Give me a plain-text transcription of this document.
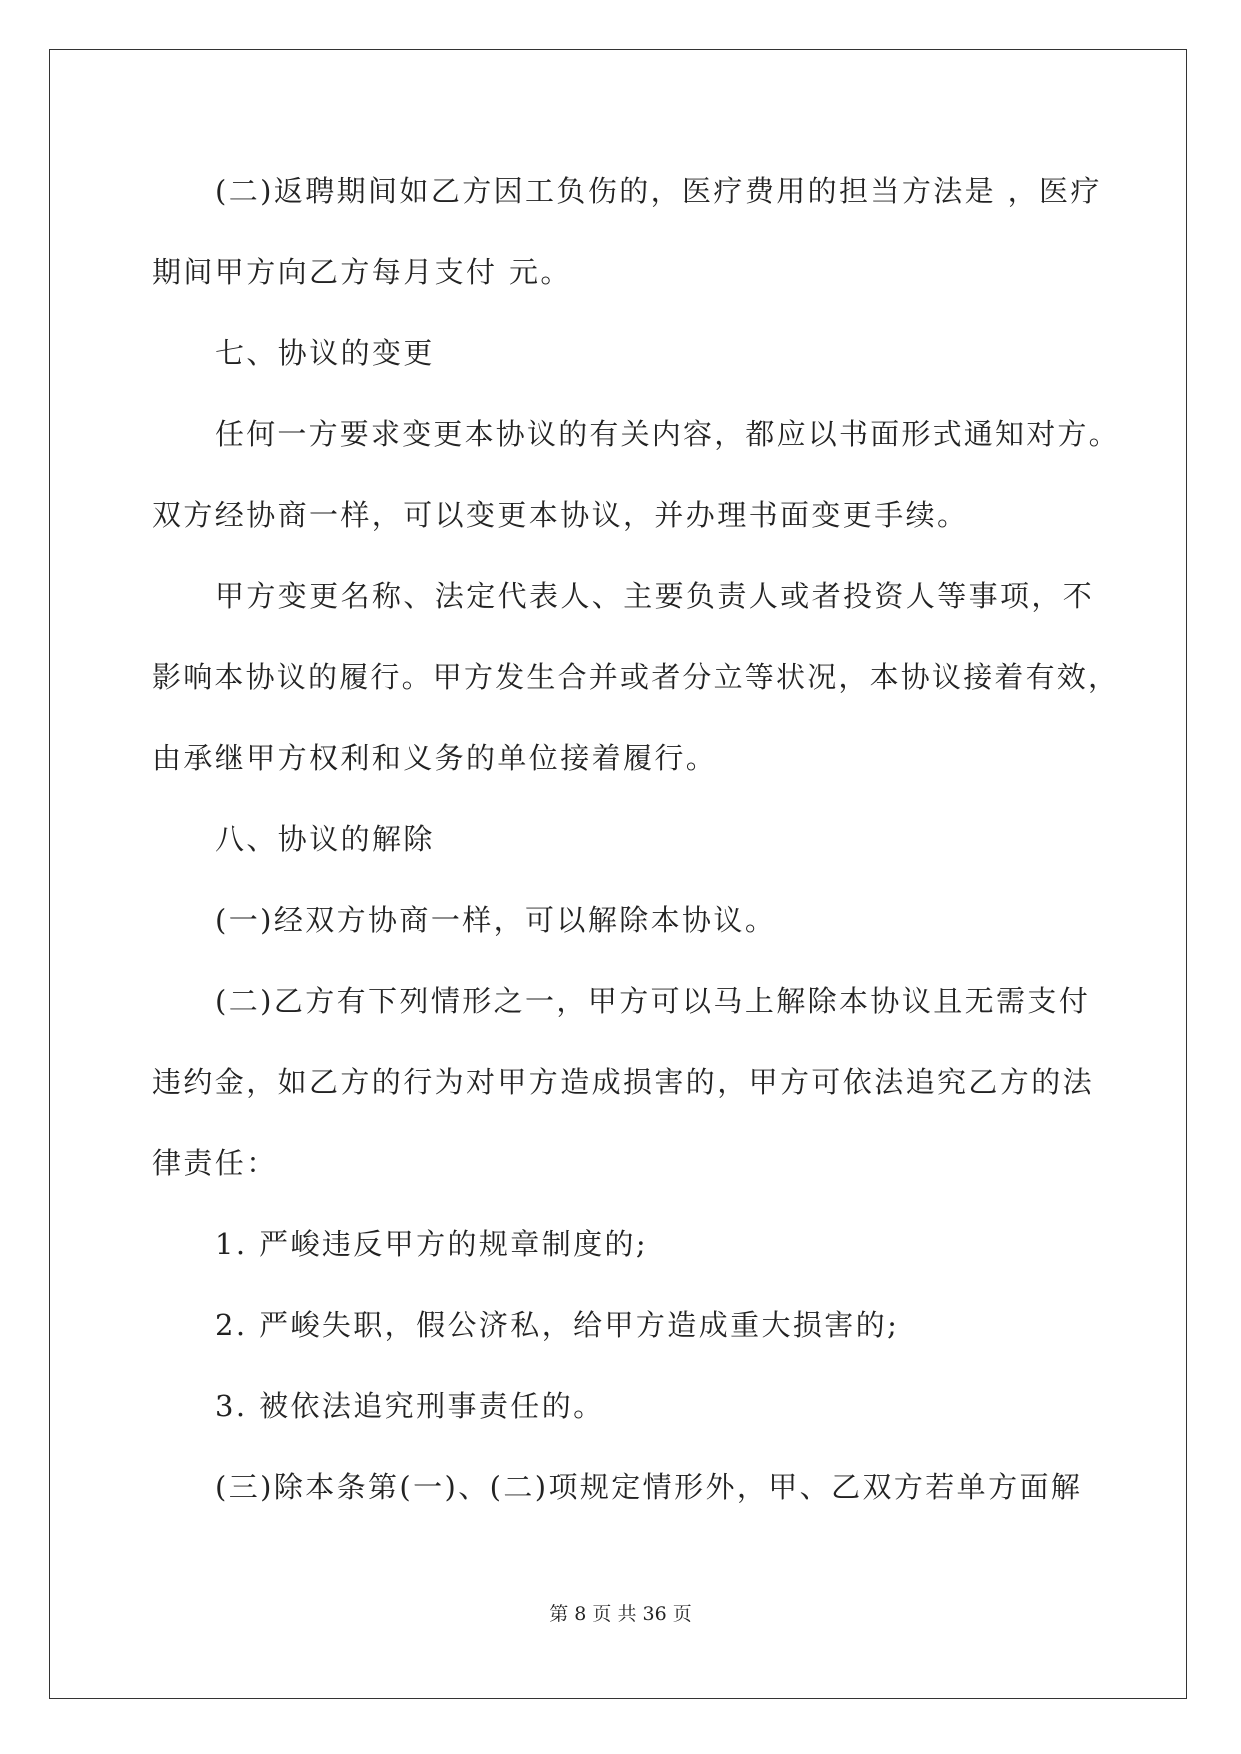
(二)返聘期间如乙方因工负伤的，医疗费用的担当方法是 ，医疗
期间甲方向乙方每月支付 元。
七、协议的变更
任何一方要求变更本协议的有关内容，都应以书面形式通知对方。
双方经协商一样，可以变更本协议，并办理书面变更手续。
甲方变更名称、法定代表人、主要负责人或者投资人等事项，不
影响本协议的履行。甲方发生合并或者分立等状况，本协议接着有效，
由承继甲方权利和义务的单位接着履行。
八、协议的解除
(一)经双方协商一样，可以解除本协议。
(二)乙方有下列情形之一，甲方可以马上解除本协议且无需支付
违约金，如乙方的行为对甲方造成损害的，甲方可依法追究乙方的法
律责任：
1. 严峻违反甲方的规章制度的;
2. 严峻失职，假公济私，给甲方造成重大损害的;
3. 被依法追究刑事责任的。
(三)除本条第(一)、(二)项规定情形外，甲、乙双方若单方面解
第 8 页 共 36 页
